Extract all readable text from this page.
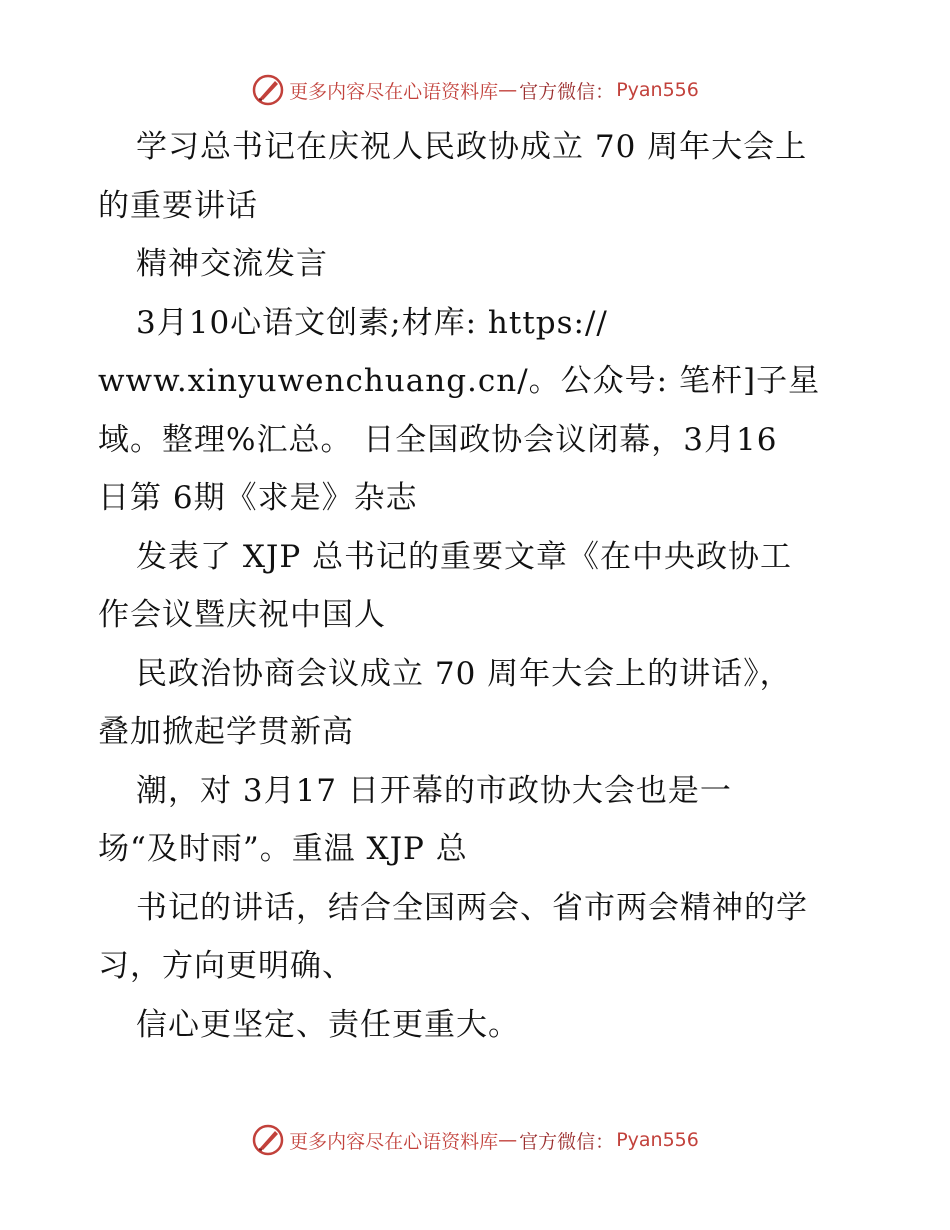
更多内容尽在心语资料库 — 官方微信： Pyan556
学习总书记在庆祝人民政协成立 70 周年大会上
的重要讲话
精神交流发言
3月10心语文创素;材库: https://
www.xinyuwenchuang.cn/。公众号: 笔杆]子星
域。整理%汇总。 日全国政协会议闭幕，3月16
日第 6期《求是》杂志
发表了 XJP 总书记的重要文章《在中央政协工
作会议暨庆祝中国人
民政治协商会议成立 70 周年大会上的讲话》，
叠加掀起学贯新高
潮，对 3月17 日开幕的市政协大会也是一
场“及时雨”。重温 XJP 总
书记的讲话，结合全国两会、省市两会精神的学
习，方向更明确、
信心更坚定、责任更重大。
更多内容尽在心语资料库 — 官方微信： Pyan556
